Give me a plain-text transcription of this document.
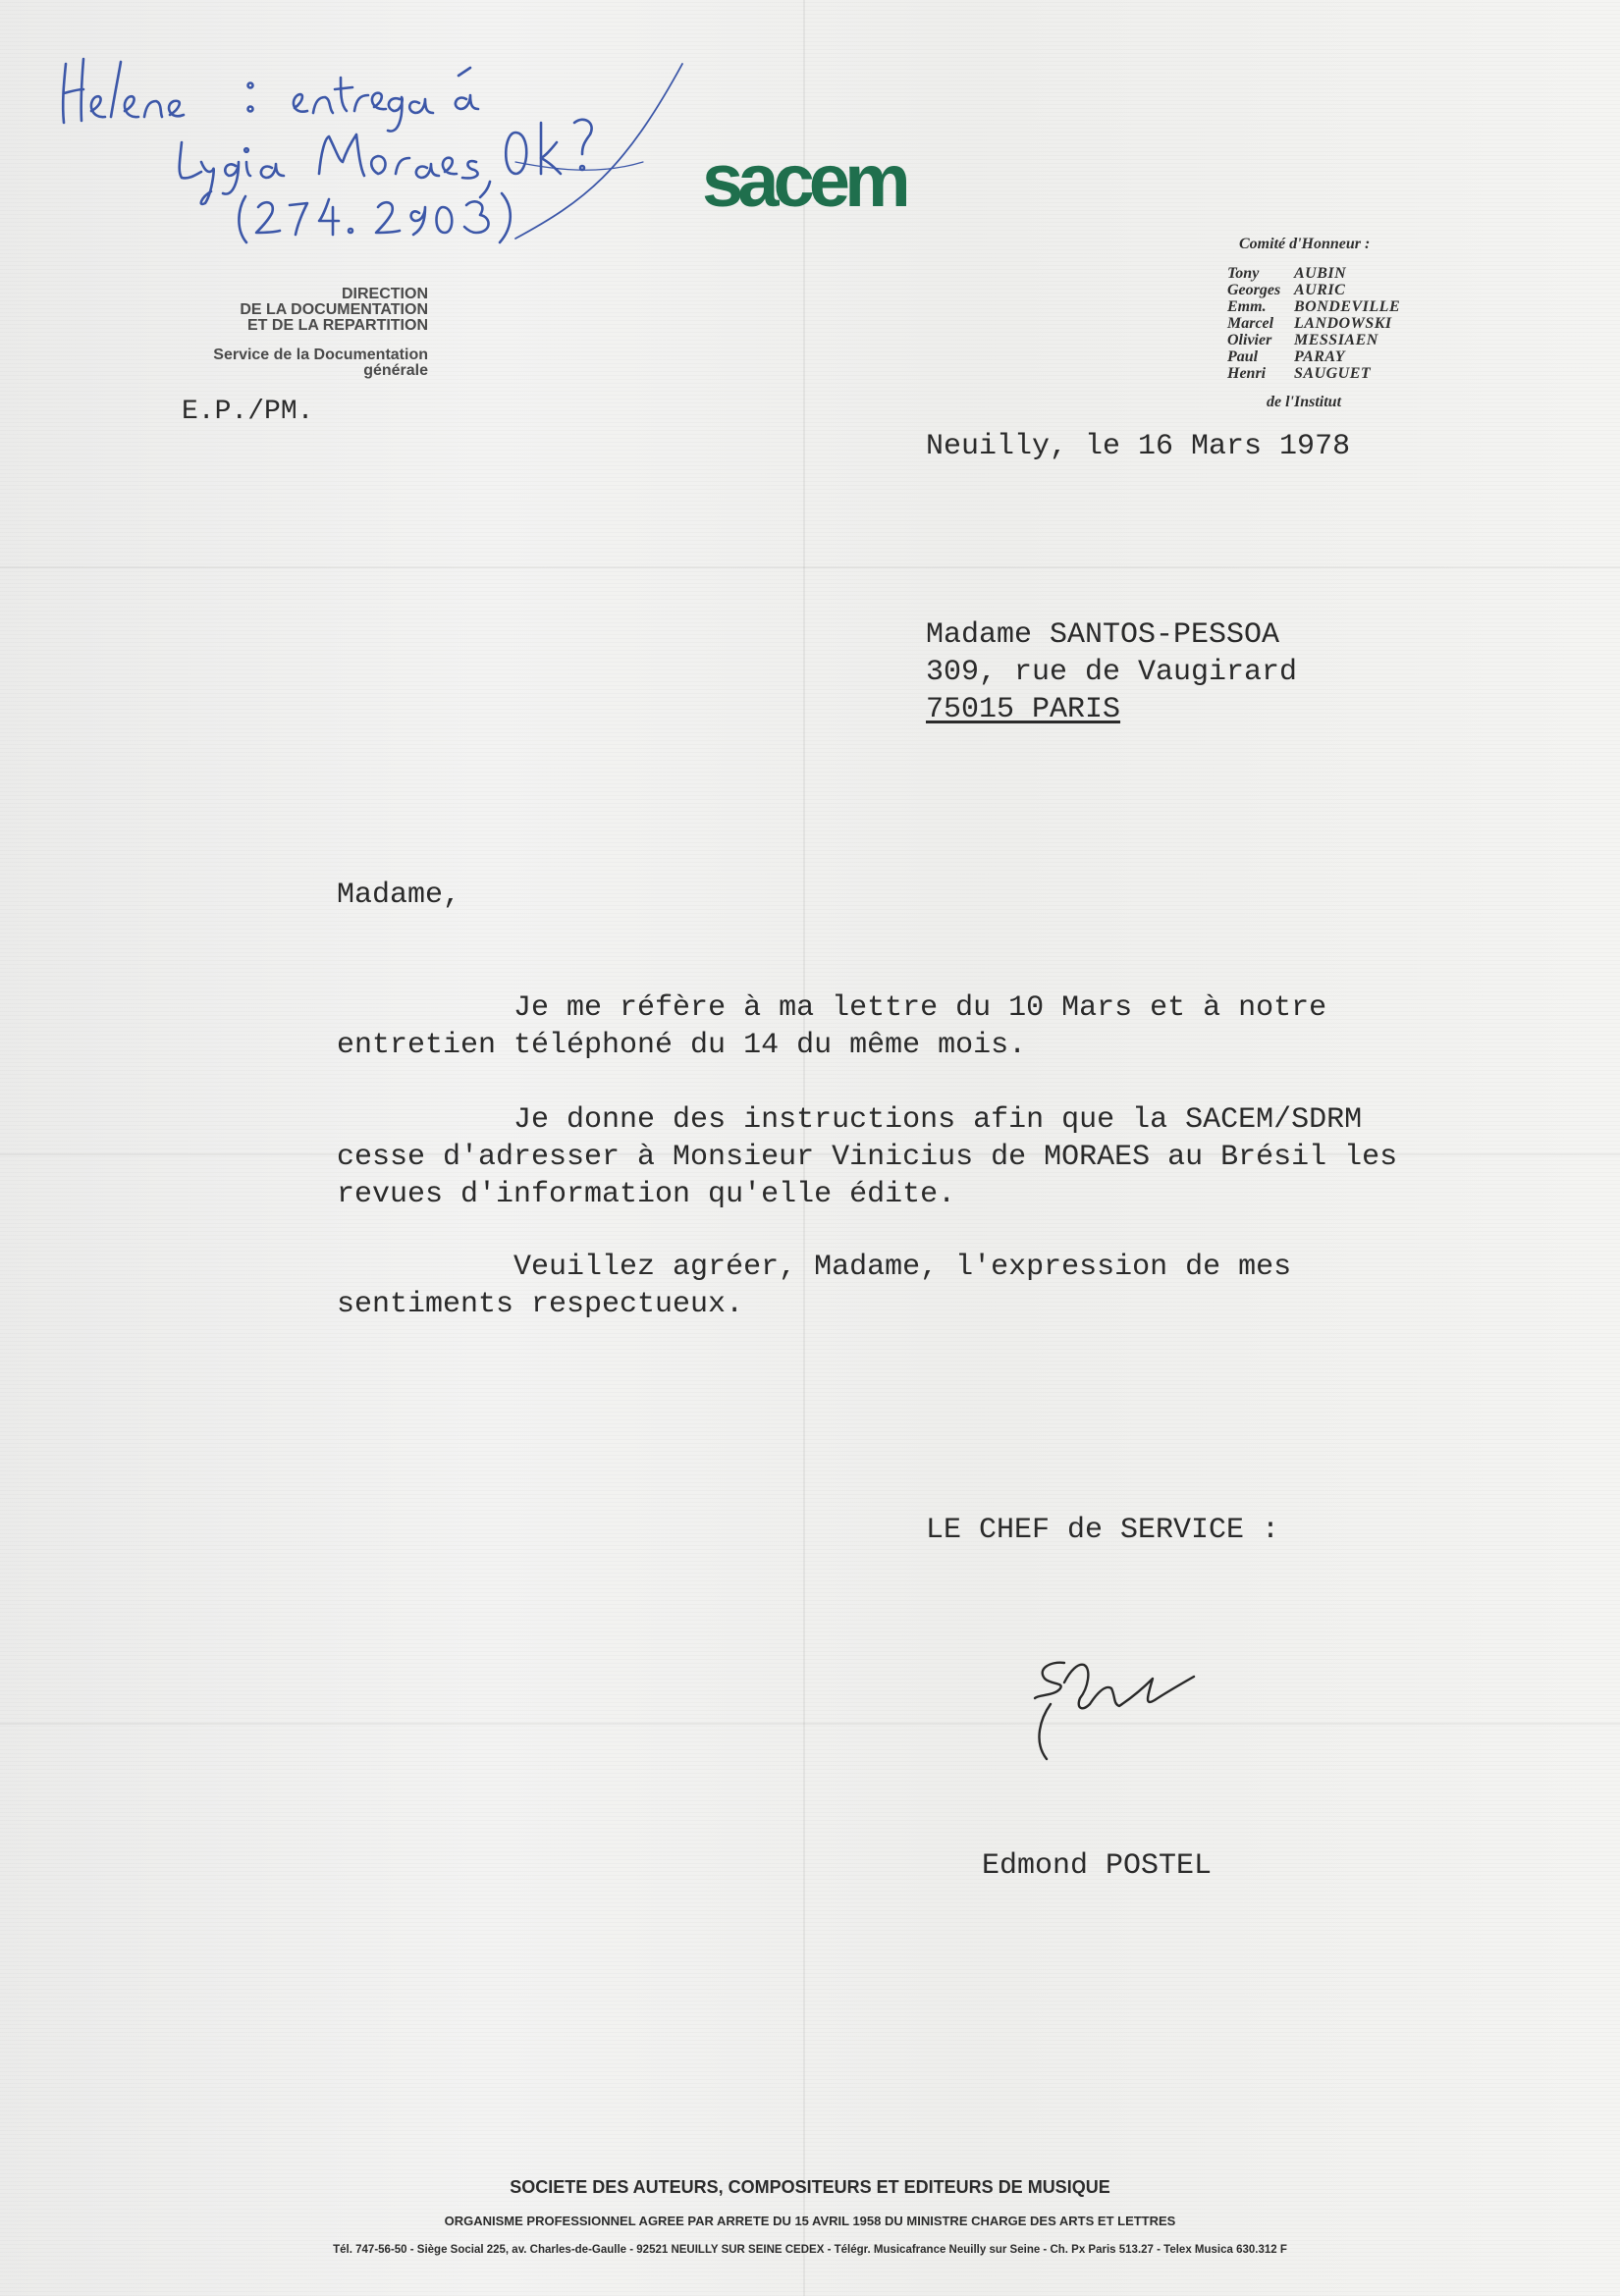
sacem
DIRECTION
DE LA DOCUMENTATION
ET DE LA REPARTITION
Service de la Documentation
générale
E.P./PM.
Comité d'Honneur :
Tony	AUBIN
Georges AURIC
Emm.	BONDEVILLE
Marcel	LANDOWSKI
Olivier	MESSIAEN
Paul	PARAY
Henri	SAUGUET
de l'Institut
Neuilly, le 16 Mars 1978
Madame SANTOS-PESSOA
309, rue de Vaugirard
75015 PARIS
Madame,
Je me réfère à ma lettre du 10 Mars et à notre
entretien téléphoné du 14 du même mois.
Je donne des instructions afin que la SACEM/SDRM
cesse d'adresser à Monsieur Vinicius de MORAES au Brésil les
revues d'information qu'elle édite.
Veuillez agréer, Madame, l'expression de mes
sentiments respectueux.
LE CHEF de SERVICE :
Edmond POSTEL
SOCIETE DES AUTEURS, COMPOSITEURS ET EDITEURS DE MUSIQUE
ORGANISME PROFESSIONNEL AGREE PAR ARRETE DU 15 AVRIL 1958 DU MINISTRE CHARGE DES ARTS ET LETTRES
Tél. 747-56-50 - Siège Social 225, av. Charles-de-Gaulle - 92521 NEUILLY SUR SEINE CEDEX - Télégr. Musicafrance Neuilly sur Seine - Ch. Px Paris 513.27 - Telex Musica 630.312 F
